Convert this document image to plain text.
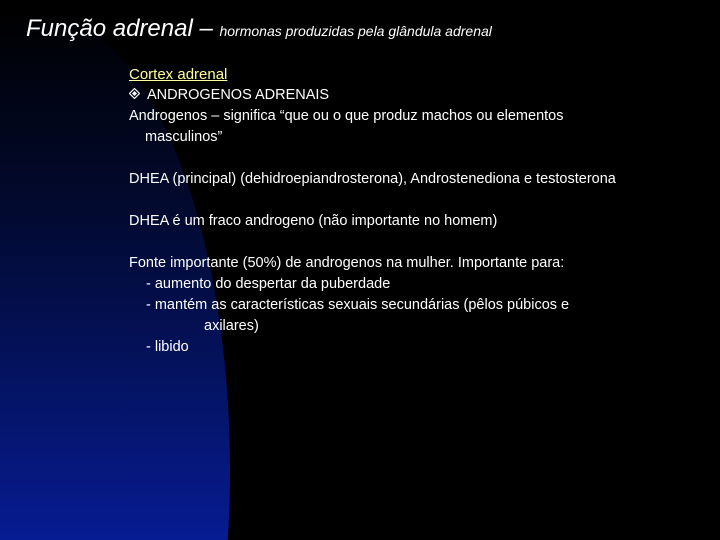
Função adrenal – hormonas produzidas pela glândula adrenal
Cortex adrenal
ANDROGENOS ADRENAIS
Androgenos – significa “que ou o que produz machos ou elementos
masculinos”
DHEA (principal) (dehidroepiandrosterona), Androstenediona e testosterona
DHEA é um fraco androgeno (não importante no homem)
Fonte importante (50%) de androgenos na mulher. Importante para:
- aumento do despertar da puberdade
- mantém as características sexuais secundárias (pêlos púbicos e
axilares)
- libido
